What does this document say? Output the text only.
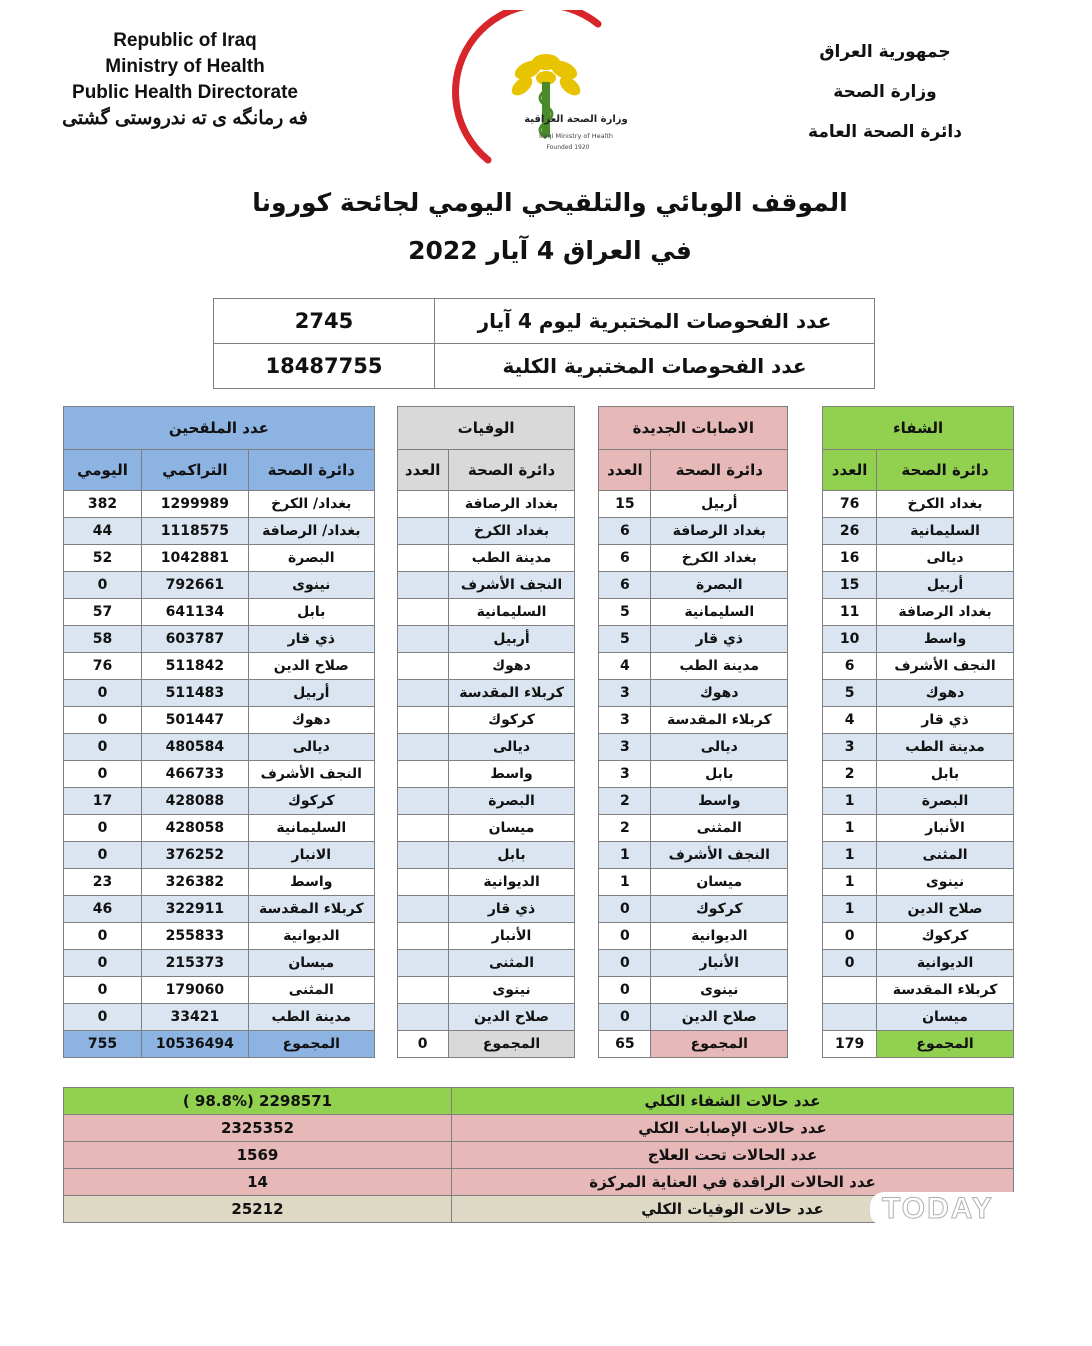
Republic of Iraq
Ministry of Health
Public Health Directorate
فه رمانگه ی ته ندروستی گشتی	وزارة الصحة العراقية
Iraqi Ministry of Health
Founded 1920
جمهورية العراق
وزارة الصحة
دائرة الصحة العامة
الموقف الوبائي والتلقيحي اليومي لجائحة كورونا
في العراق 4 آيار 2022
2745	عدد الفحوصات المختبرية ليوم 4 آيار
18487755	عدد الفحوصات المختبرية الكلية
عدد الملقحين				الوفيات			الاصابات الجديدة			الشفاء	
اليومي	التراكمي	دائرة الصحة		العدد	دائرة الصحة		العدد	دائرة الصحة		العدد	دائرة الصحة
382	1299989	بغداد/ الكرخ			بغداد الرصافة		15	أربيل		76	بغداد الكرخ
44	1118575	بغداد/ الرصافة			بغداد الكرخ		6	بغداد الرصافة		26	السليمانية
52	1042881	البصرة			مدينة الطب		6	بغداد الكرخ		16	ديالى
0	792661	نينوى			النجف الأشرف		6	البصرة		15	أربيل
57	641134	بابل			السليمانية		5	السليمانية		11	بغداد الرصافة
58	603787	ذي قار			أربيل		5	ذي قار		10	واسط
76	511842	صلاح الدين			دهوك		4	مدينة الطب		6	النجف الأشرف
0	511483	أربيل			كربلاء المقدسة		3	دهوك		5	دهوك
0	501447	دهوك			كركوك		3	كربلاء المقدسة		4	ذي قار
0	480584	ديالى			ديالى		3	ديالى		3	مدينة الطب
0	466733	النجف الأشرف			واسط		3	بابل		2	بابل
17	428088	كركوك			البصرة		2	واسط		1	البصرة
0	428058	السليمانية			ميسان		2	المثنى		1	الأنبار
0	376252	الانبار			بابل		1	النجف الأشرف		1	المثنى
23	326382	واسط			الديوانية		1	ميسان		1	نينوى
46	322911	كربلاء المقدسة			ذي قار		0	كركوك		1	صلاح الدين
0	255833	الديوانية			الأنبار		0	الديوانية		0	كركوك
0	215373	ميسان			المثنى		0	الأنبار		0	الديوانية
0	179060	المثنى			نينوى		0	نينوى			كربلاء المقدسة
0	33421	مدينة الطب			صلاح الدين		0	صلاح الدين			ميسان
755	10536494	المجموع		0	المجموع		65	المجموع		179	المجموع
( 98.8%) 2298571	عدد حالات الشفاء الكلي
2325352	عدد حالات الإصابات الكلي
1569	عدد الحالات تحت العلاج
14	عدد الحالات الراقدة في العناية المركزة
25212	عدد حالات الوفيات الكلي	TODAY
